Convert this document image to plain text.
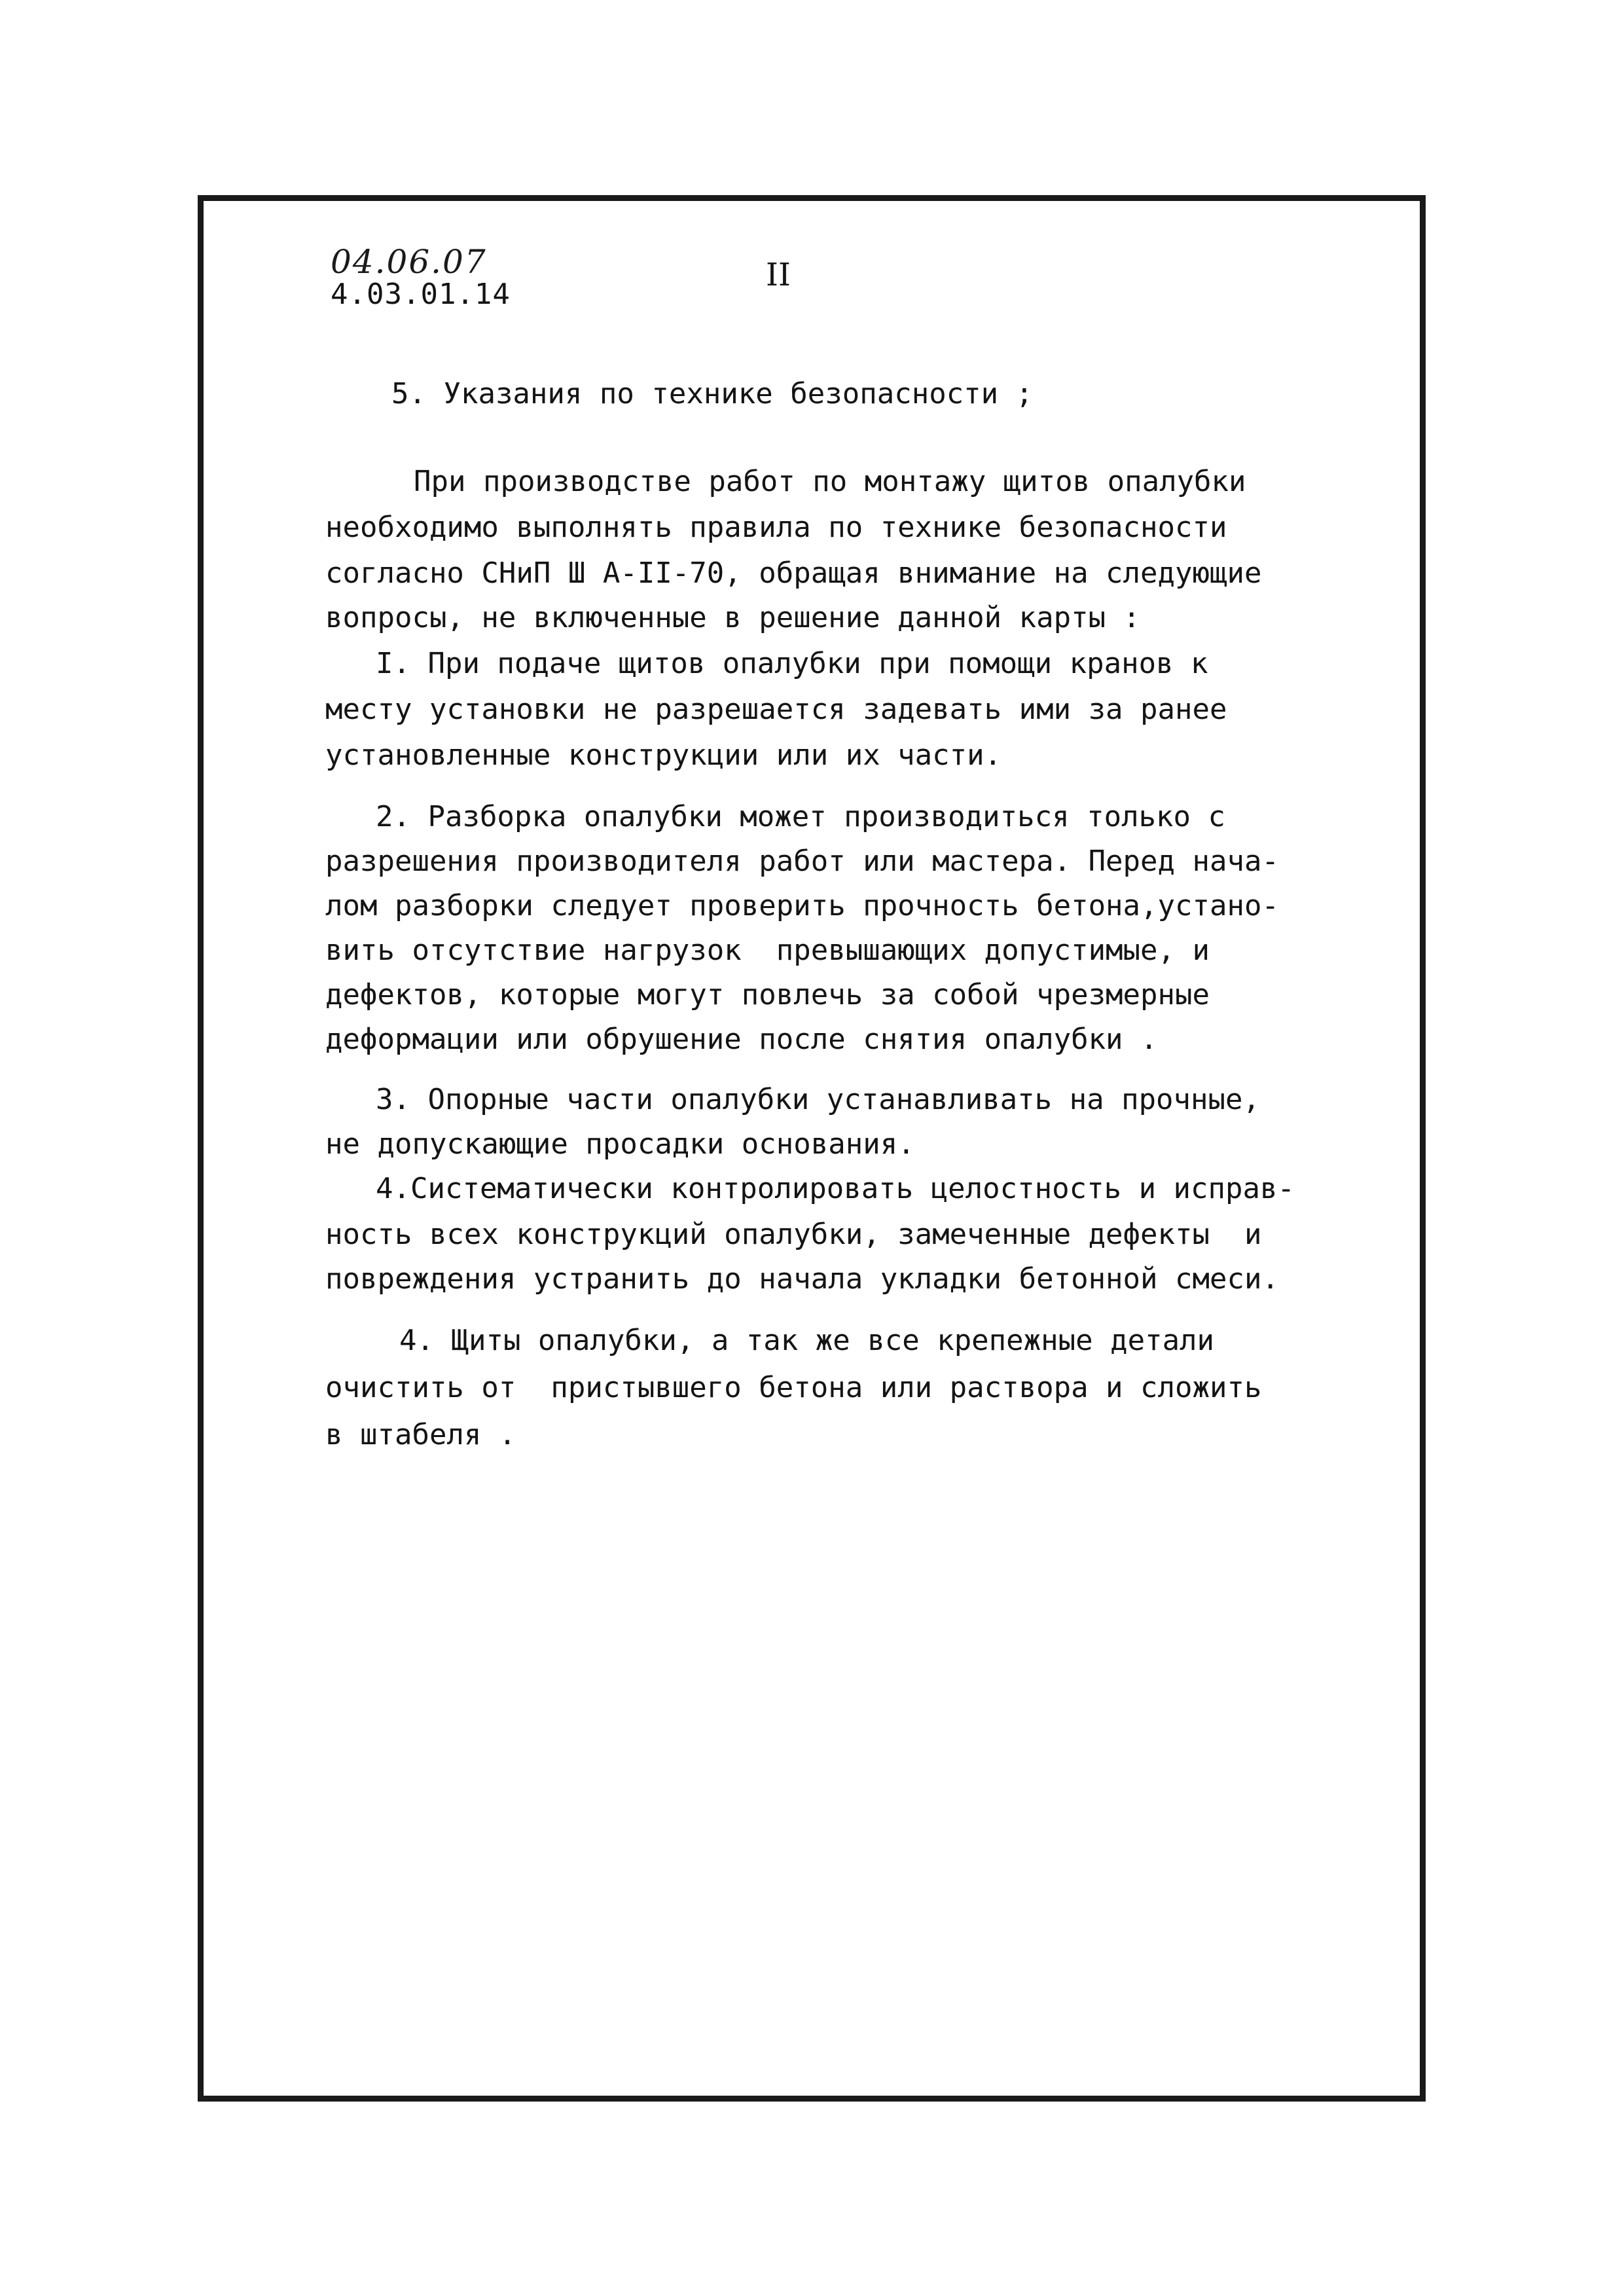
04.06.07
4.03.01.14
II
5. Указания по технике безопасности ;
При производстве работ по монтажу щитов опалубки
необходимо выполнять правила по технике безопасности
согласно СНиП Ш А-II-70, обращая внимание на следующие
вопросы, не включенные в решение данной карты :
I. При подаче щитов опалубки при помощи кранов к
месту установки не разрешается задевать ими за ранее
установленные конструкции или их части.
2. Разборка опалубки может производиться только с
разрешения производителя работ или мастера. Перед нача-
лом разборки следует проверить прочность бетона,устано-
вить отсутствие нагрузок  превышающих допустимые, и
дефектов, которые могут повлечь за собой чрезмерные
деформации или обрушение после снятия опалубки .
3. Опорные части опалубки устанавливать на прочные,
не допускающие просадки основания.
4.Систематически контролировать целостность и исправ-
ность всех конструкций опалубки, замеченные дефекты  и
повреждения устранить до начала укладки бетонной смеси.
4. Щиты опалубки, а так же все крепежные детали
очистить от  пристывшего бетона или раствора и сложить
в штабеля .
